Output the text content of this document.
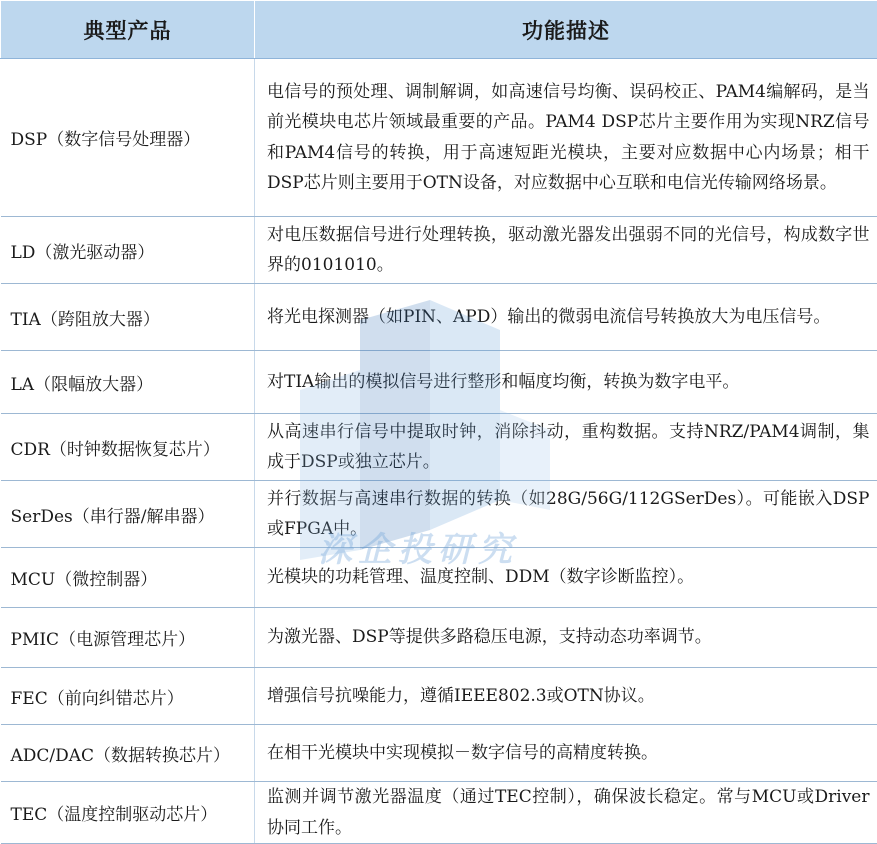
典型产品	功能描述
DSP（数字信号处理器）	电信号的预处理、调制解调，如高速信号均衡、误码校正、PAM4编解码，是当前光模块电芯片领域最重要的产品。PAM4 DSP芯片主要作用为实现NRZ信号和PAM4信号的转换，用于高速短距光模块，主要对应数据中心内场景；相干DSP芯片则主要用于OTN设备，对应数据中心互联和电信光传输网络场景。
LD（激光驱动器）	对电压数据信号进行处理转换，驱动激光器发出强弱不同的光信号，构成数字世界的0101010。
TIA（跨阻放大器）	将光电探测器（如PIN、APD）输出的微弱电流信号转换放大为电压信号。
LA（限幅放大器）	对TIA输出的模拟信号进行整形和幅度均衡，转换为数字电平。
CDR（时钟数据恢复芯片）	从高速串行信号中提取时钟，消除抖动，重构数据。支持NRZ/PAM4调制，集成于DSP或独立芯片。
SerDes（串行器/解串器）	并行数据与高速串行数据的转换（如28G/56G/112GSerDes）。可能嵌入DSP或FPGA中。
MCU（微控制器）	光模块的功耗管理、温度控制、DDM（数字诊断监控）。
PMIC（电源管理芯片）	为激光器、DSP等提供多路稳压电源，支持动态功率调节。
FEC（前向纠错芯片）	增强信号抗噪能力，遵循IEEE802.3或OTN协议。
ADC/DAC（数据转换芯片）	在相干光模块中实现模拟－数字信号的高精度转换。
TEC（温度控制驱动芯片）	监测并调节激光器温度（通过TEC控制），确保波长稳定。常与MCU或Driver协同工作。
深企投研究
